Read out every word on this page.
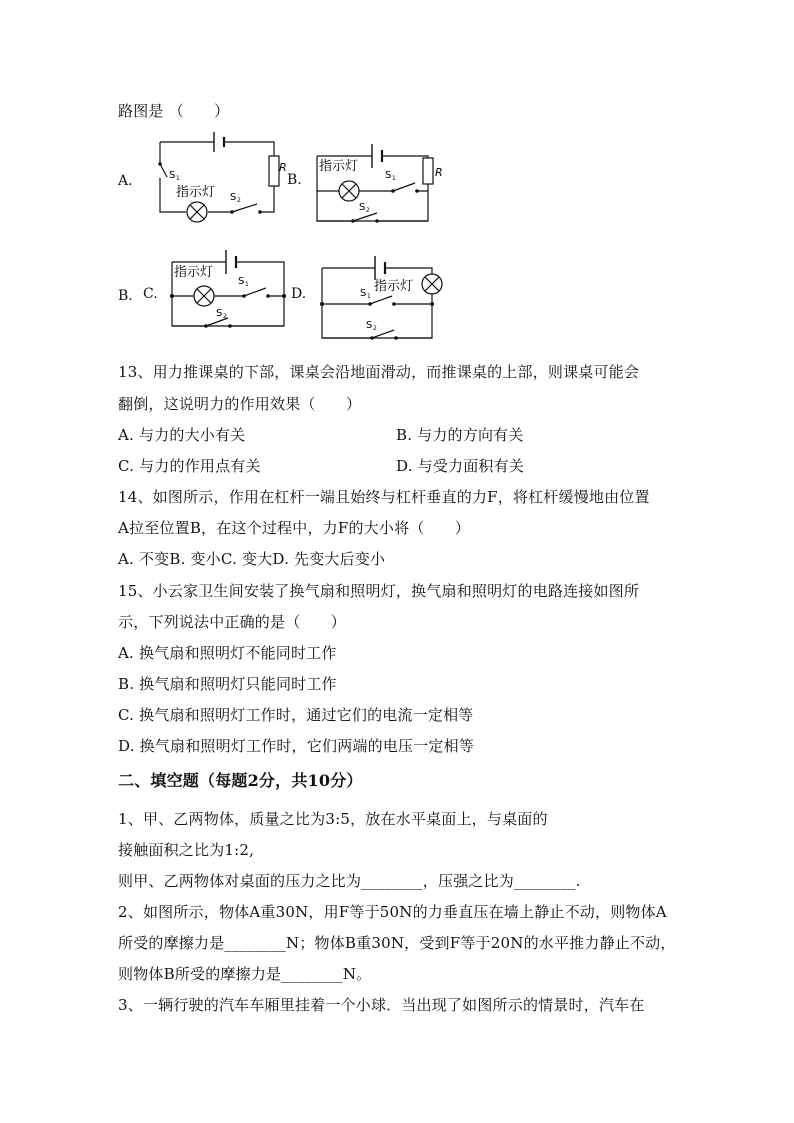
路图是 （　　）
A.	B.
B. C.	D.
S 1
指示灯 S 2
R 指示灯
S 1
S 2
R
指示灯
S 1
S 2
指示灯
S 1
S 2
13、用力推课桌的下部，课桌会沿地面滑动，而推课桌的上部，则课桌可能会
翻倒，这说明力的作用效果（　　）
A. 与力的大小有关	B. 与力的方向有关
C. 与力的作用点有关	D. 与受力面积有关
14、如图所示，作用在杠杆一端且始终与杠杆垂直的力F，将杠杆缓慢地由位置
A拉至位置B，在这个过程中，力F的大小将（　　）
A. 不变B. 变小C. 变大D. 先变大后变小
15、小云家卫生间安装了换气扇和照明灯，换气扇和照明灯的电路连接如图所
示，下列说法中正确的是（　　）
A. 换气扇和照明灯不能同时工作
B. 换气扇和照明灯只能同时工作
C. 换气扇和照明灯工作时，通过它们的电流一定相等
D. 换气扇和照明灯工作时，它们两端的电压一定相等
二、填空题（每题2分，共10分）
1、甲、乙两物体，质量之比为3:5，放在水平桌面上，与桌面的
接触面积之比为1:2,
则甲、乙两物体对桌面的压力之比为________，压强之比为________.
2、如图所示，物体A重30N，用F等于50N的力垂直压在墙上静止不动，则物体A
所受的摩擦力是________N；物体B重30N，受到F等于20N的水平推力静止不动，
则物体B所受的摩擦力是________N。
3、一辆行驶的汽车车厢里挂着一个小球．当出现了如图所示的情景时，汽车在
